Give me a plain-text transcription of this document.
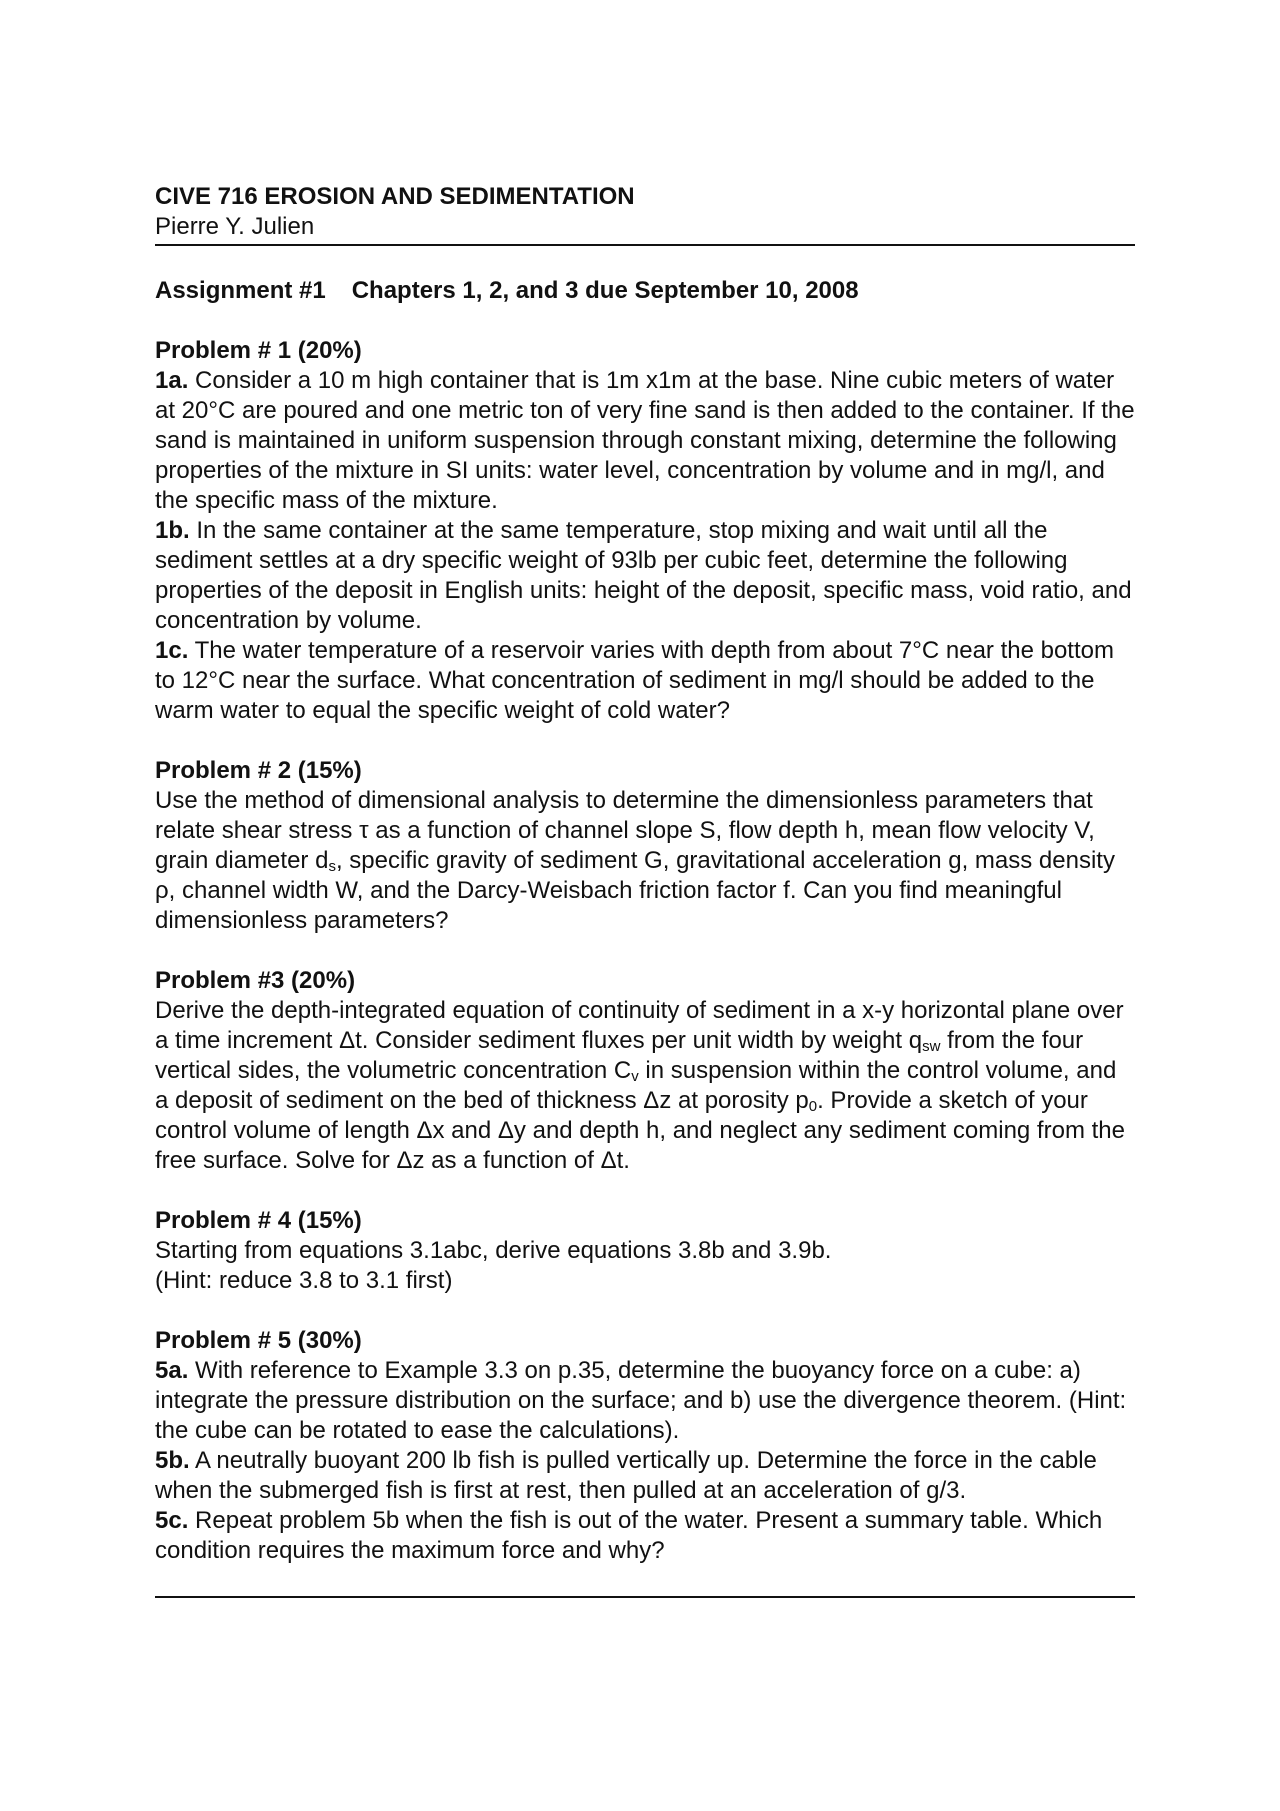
CIVE 716 EROSION AND SEDIMENTATION
Pierre Y. Julien
Assignment #1 Chapters 1, 2, and 3 due September 10, 2008
Problem # 1 (20%)
1a. Consider a 10 m high container that is 1m x1m at the base. Nine cubic meters of water at 20°C are poured and one metric ton of very fine sand is then added to the container. If the sand is maintained in uniform suspension through constant mixing, determine the following properties of the mixture in SI units: water level, concentration by volume and in mg/l, and the specific mass of the mixture.
1b. In the same container at the same temperature, stop mixing and wait until all the sediment settles at a dry specific weight of 93lb per cubic feet, determine the following properties of the deposit in English units: height of the deposit, specific mass, void ratio, and concentration by volume.
1c. The water temperature of a reservoir varies with depth from about 7°C near the bottom to 12°C near the surface. What concentration of sediment in mg/l should be added to the warm water to equal the specific weight of cold water?
Problem # 2 (15%)
Use the method of dimensional analysis to determine the dimensionless parameters that relate shear stress τ as a function of channel slope S, flow depth h, mean flow velocity V, grain diameter $d_s$, specific gravity of sediment G, gravitational acceleration g, mass density ρ, channel width W, and the Darcy-Weisbach friction factor f. Can you find meaningful dimensionless parameters?
Problem #3 (20%)
Derive the depth-integrated equation of continuity of sediment in a x-y horizontal plane over a time increment Δt. Consider sediment fluxes per unit width by weight $q_{sw}$ from the four vertical sides, the volumetric concentration $C_v$ in suspension within the control volume, and a deposit of sediment on the bed of thickness Δz at porosity $p_0$. Provide a sketch of your control volume of length Δx and Δy and depth h, and neglect any sediment coming from the free surface. Solve for Δz as a function of Δt.
Problem # 4 (15%)
Starting from equations 3.1abc, derive equations 3.8b and 3.9b.
(Hint: reduce 3.8 to 3.1 first)
Problem # 5 (30%)
5a. With reference to Example 3.3 on p.35, determine the buoyancy force on a cube: a) integrate the pressure distribution on the surface; and b) use the divergence theorem. (Hint: the cube can be rotated to ease the calculations).
5b. A neutrally buoyant 200 lb fish is pulled vertically up. Determine the force in the cable when the submerged fish is first at rest, then pulled at an acceleration of g/3.
5c. Repeat problem 5b when the fish is out of the water. Present a summary table. Which condition requires the maximum force and why?
